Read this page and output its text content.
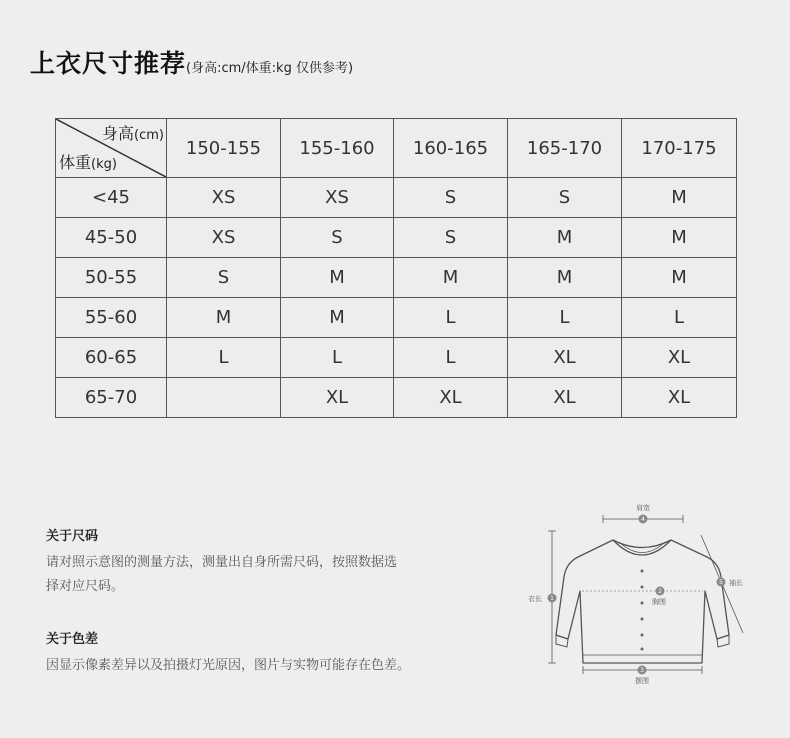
上衣尺寸推荐(身高:cm/体重:kg 仅供参考)
身高(cm)
体重(kg)	150-155	155-160	160-165	165-170	170-175
<45	XS	XS	S	S	M
45-50	XS	S	S	M	M
50-55	S	M	M	M	M
55-60	M	M	L	L	L
60-65	L	L	L	XL	XL
65-70		XL	XL	XL	XL
关于尺码
请对照示意图的测量方法，测量出自身所需尺码，按照数据选
择对应尺码。
关于色差
因显示像素差异以及拍摄灯光原因，图片与实物可能存在色差。
4
肩宽
5 袖长
1
衣长
2
胸围
3
摆围
